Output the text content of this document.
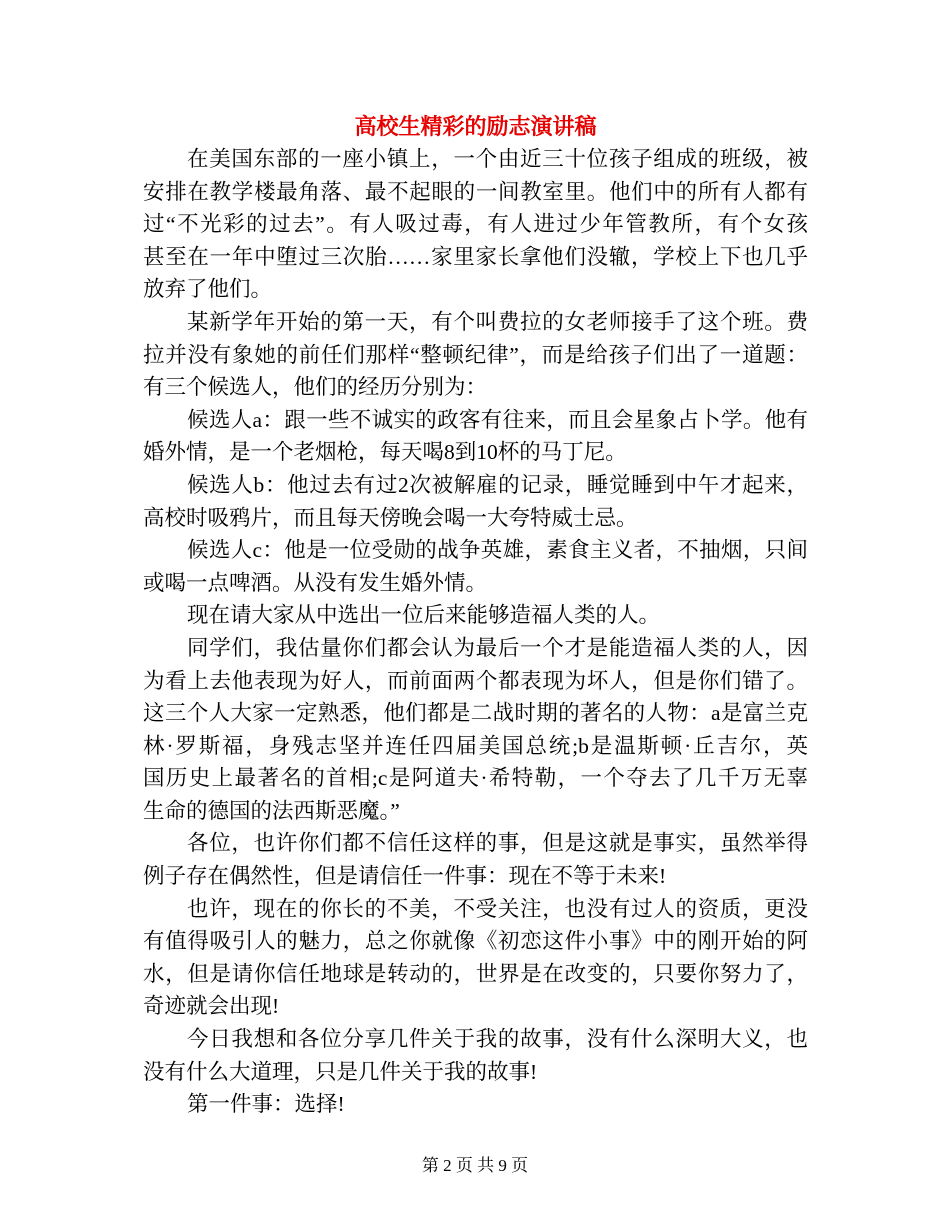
高校生精彩的励志演讲稿
在美国东部的一座小镇上，一个由近三十位孩子组成的班级，被
安排在教学楼最角落、最不起眼的一间教室里。他们中的所有人都有
过“不光彩的过去”。有人吸过毒，有人进过少年管教所，有个女孩
甚至在一年中堕过三次胎……家里家长拿他们没辙，学校上下也几乎
放弃了他们。
某新学年开始的第一天，有个叫费拉的女老师接手了这个班。费
拉并没有象她的前任们那样“整顿纪律”，而是给孩子们出了一道题：
有三个候选人，他们的经历分别为：
候选人a：跟一些不诚实的政客有往来，而且会星象占卜学。他有
婚外情，是一个老烟枪，每天喝8到10杯的马丁尼。
候选人b：他过去有过2次被解雇的记录，睡觉睡到中午才起来，
高校时吸鸦片，而且每天傍晚会喝一大夸特威士忌。
候选人c：他是一位受勋的战争英雄，素食主义者，不抽烟，只间
或喝一点啤酒。从没有发生婚外情。
现在请大家从中选出一位后来能够造福人类的人。
同学们，我估量你们都会认为最后一个才是能造福人类的人，因
为看上去他表现为好人，而前面两个都表现为坏人，但是你们错了。
这三个人大家一定熟悉，他们都是二战时期的著名的人物：a是富兰克
林·罗斯福，身残志坚并连任四届美国总统;b是温斯顿·丘吉尔，英
国历史上最著名的首相;c是阿道夫·希特勒，一个夺去了几千万无辜
生命的德国的法西斯恶魔。”
各位，也许你们都不信任这样的事，但是这就是事实，虽然举得
例子存在偶然性，但是请信任一件事：现在不等于未来!
也许，现在的你长的不美，不受关注，也没有过人的资质，更没
有值得吸引人的魅力，总之你就像《初恋这件小事》中的刚开始的阿
水，但是请你信任地球是转动的，世界是在改变的，只要你努力了，
奇迹就会出现!
今日我想和各位分享几件关于我的故事，没有什么深明大义，也
没有什么大道理，只是几件关于我的故事!
第一件事：选择!
第 2 页 共 9 页
